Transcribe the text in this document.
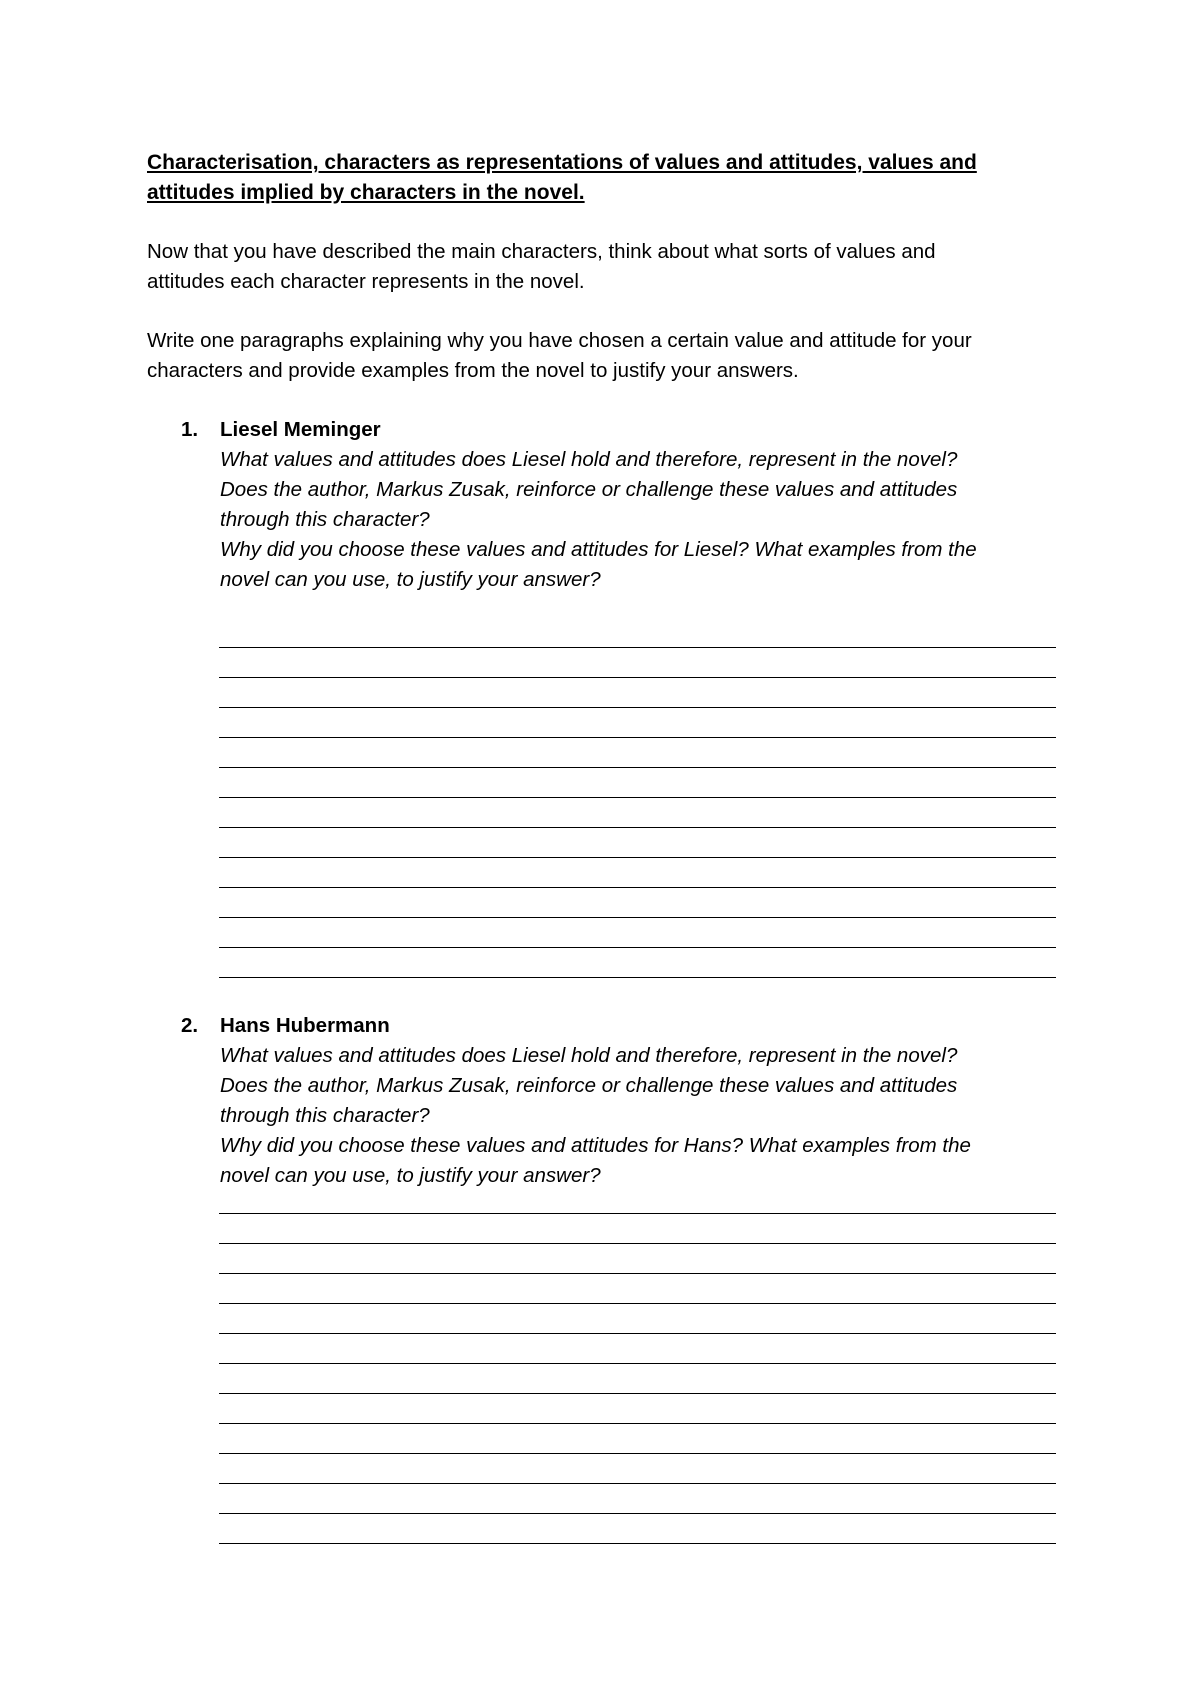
Characterisation, characters as representations of values and attitudes, values and
attitudes implied by characters in the novel.
Now that you have described the main characters, think about what sorts of values and
attitudes each character represents in the novel.
Write one paragraphs explaining why you have chosen a certain value and attitude for your
characters and provide examples from the novel to justify your answers.
1. Liesel Meminger
What values and attitudes does Liesel hold and therefore, represent in the novel?
Does the author, Markus Zusak, reinforce or challenge these values and attitudes
through this character?
Why did you choose these values and attitudes for Liesel? What examples from the
novel can you use, to justify your answer?
2. Hans Hubermann
What values and attitudes does Liesel hold and therefore, represent in the novel?
Does the author, Markus Zusak, reinforce or challenge these values and attitudes
through this character?
Why did you choose these values and attitudes for Hans? What examples from the
novel can you use, to justify your answer?
